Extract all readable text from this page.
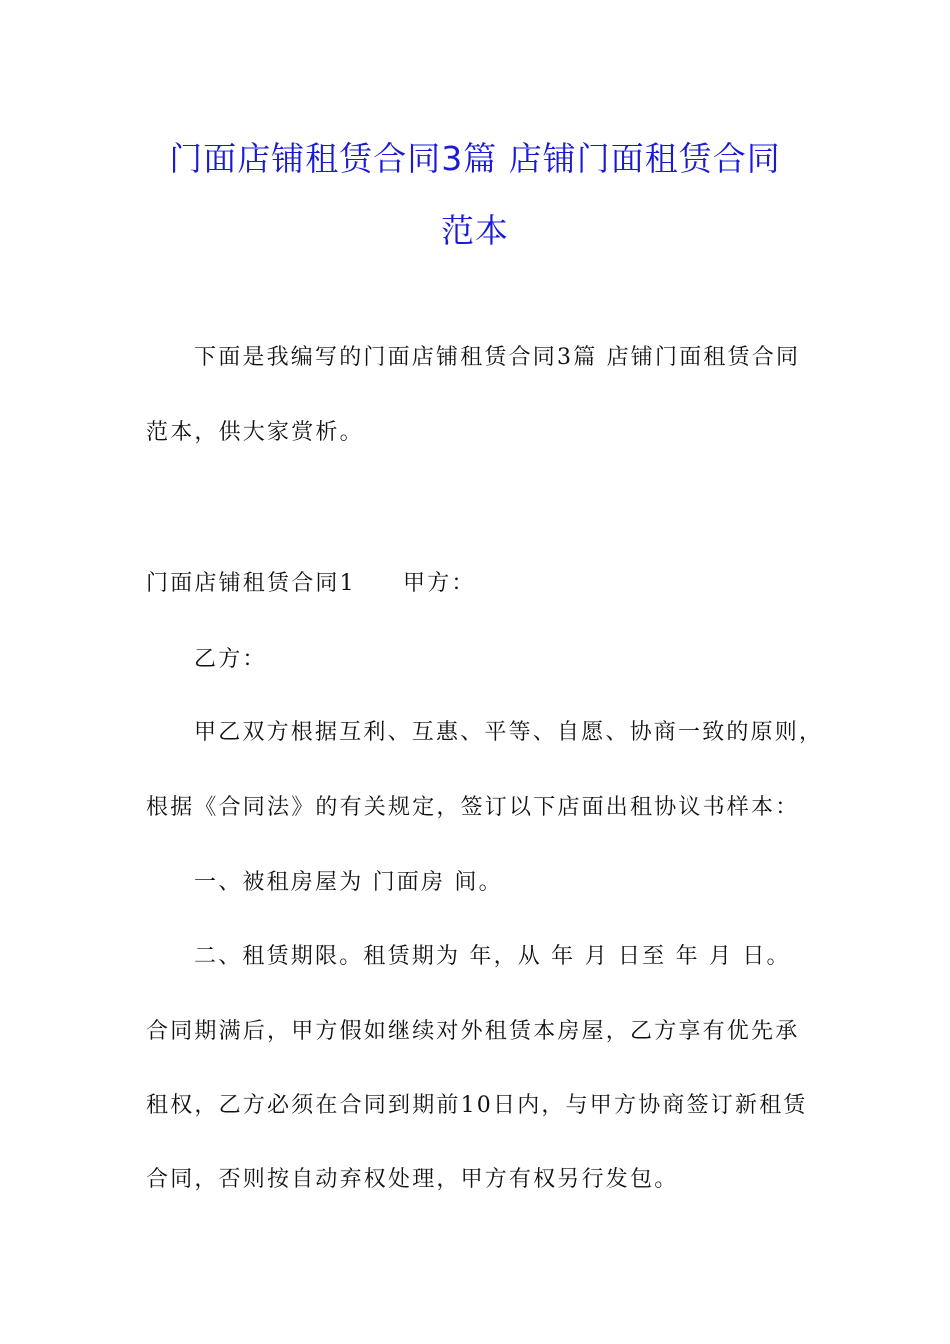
门面店铺租赁合同3篇 店铺门面租赁合同
范本
下面是我编写的门面店铺租赁合同3篇 店铺门面租赁合同
范本，供大家赏析。
门面店铺租赁合同1 甲方：
乙方：
甲乙双方根据互利、互惠、平等、自愿、协商一致的原则，
根据《合同法》的有关规定，签订以下店面出租协议书样本：
一、被租房屋为 门面房 间。
二、租赁期限。租赁期为 年，从 年 月 日至 年 月 日。
合同期满后，甲方假如继续对外租赁本房屋，乙方享有优先承
租权，乙方必须在合同到期前10日内，与甲方协商签订新租赁
合同，否则按自动弃权处理，甲方有权另行发包。
